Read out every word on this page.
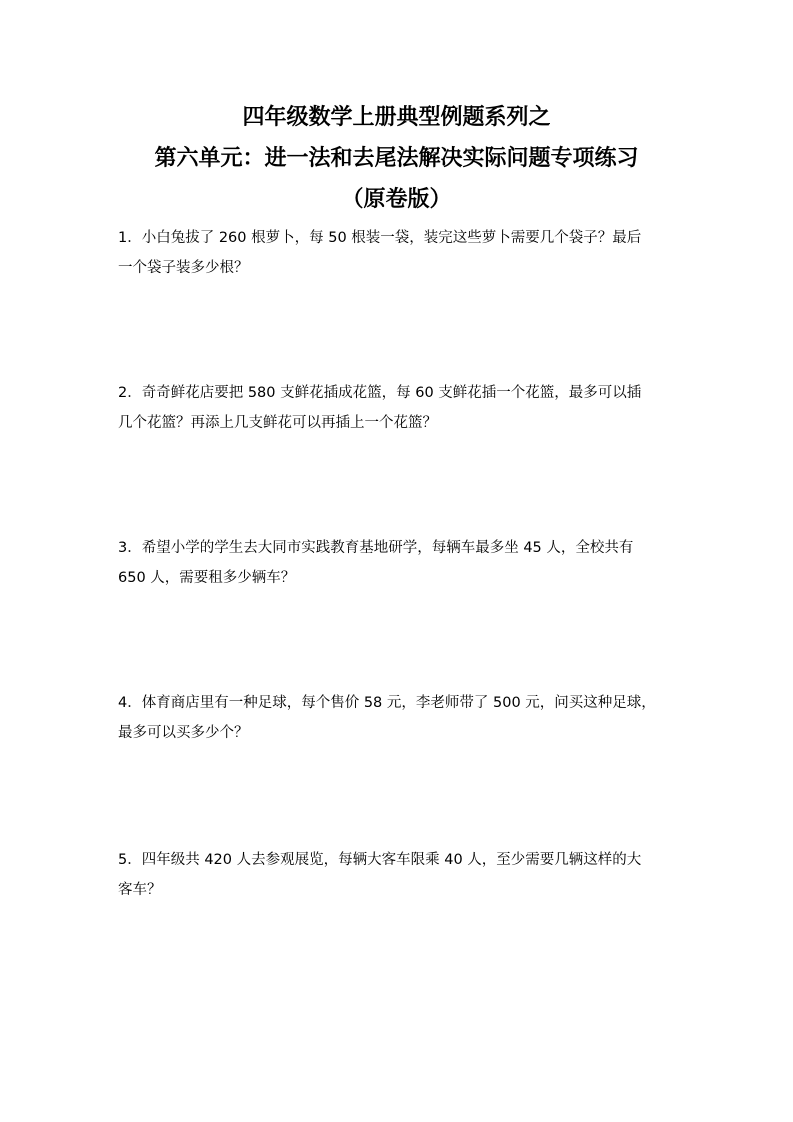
四年级数学上册典型例题系列之
第六单元：进一法和去尾法解决实际问题专项练习
（原卷版）
1．小白兔拔了 260 根萝卜，每 50 根装一袋，装完这些萝卜需要几个袋子？最后
一个袋子装多少根？
2．奇奇鲜花店要把 580 支鲜花插成花篮，每 60 支鲜花插一个花篮，最多可以插
几个花篮？再添上几支鲜花可以再插上一个花篮？
3．希望小学的学生去大同市实践教育基地研学，每辆车最多坐 45 人，全校共有
650 人，需要租多少辆车？
4．体育商店里有一种足球，每个售价 58 元，李老师带了 500 元，问买这种足球，
最多可以买多少个？
5．四年级共 420 人去参观展览，每辆大客车限乘 40 人，至少需要几辆这样的大
客车？
